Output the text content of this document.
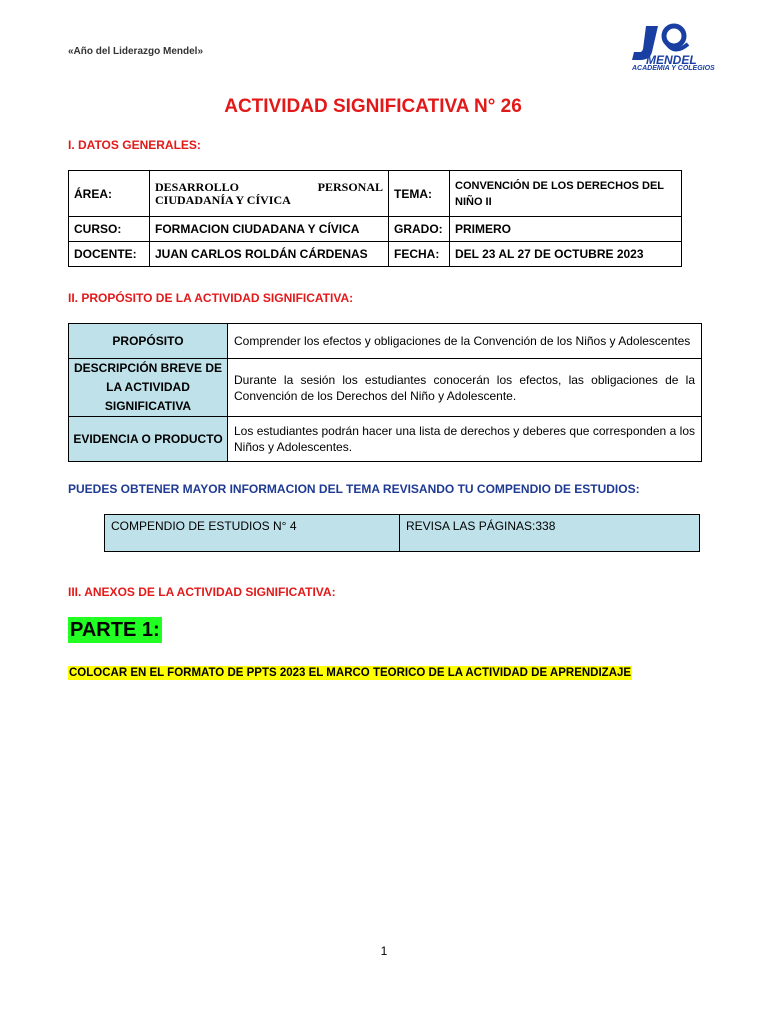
«Año del Liderazgo Mendel»
MENDEL
ACADEMIA Y COLEGIOS
ACTIVIDAD SIGNIFICATIVA N° 26
I. DATOS GENERALES:
ÁREA:	DESARROLLO PERSONAL CIUDADANÍA Y CÍVICA	TEMA:	CONVENCIÓN DE LOS DERECHOS DEL NIÑO II
CURSO:	FORMACION CIUDADANA Y CÍVICA	GRADO:	PRIMERO
DOCENTE:	JUAN CARLOS ROLDÁN CÁRDENAS	FECHA:	DEL 23 AL 27 DE OCTUBRE 2023
II. PROPÓSITO DE LA ACTIVIDAD SIGNIFICATIVA:
PROPÓSITO	Comprender los efectos y obligaciones de la Convención de los Niños y Adolescentes
DESCRIPCIÓN BREVE DE LA ACTIVIDAD SIGNIFICATIVA	Durante la sesión los estudiantes conocerán los efectos, las obligaciones de la Convención de los Derechos del Niño y Adolescente.
EVIDENCIA O PRODUCTO	Los estudiantes podrán hacer una lista de derechos y deberes que corresponden a los Niños y Adolescentes.
PUEDES OBTENER MAYOR INFORMACION DEL TEMA REVISANDO TU COMPENDIO DE ESTUDIOS:
COMPENDIO DE ESTUDIOS N° 4	REVISA LAS PÁGINAS:338
III. ANEXOS DE LA ACTIVIDAD SIGNIFICATIVA:
PARTE 1:
COLOCAR EN EL FORMATO DE PPTS 2023 EL MARCO TEORICO DE LA ACTIVIDAD DE APRENDIZAJE
1
